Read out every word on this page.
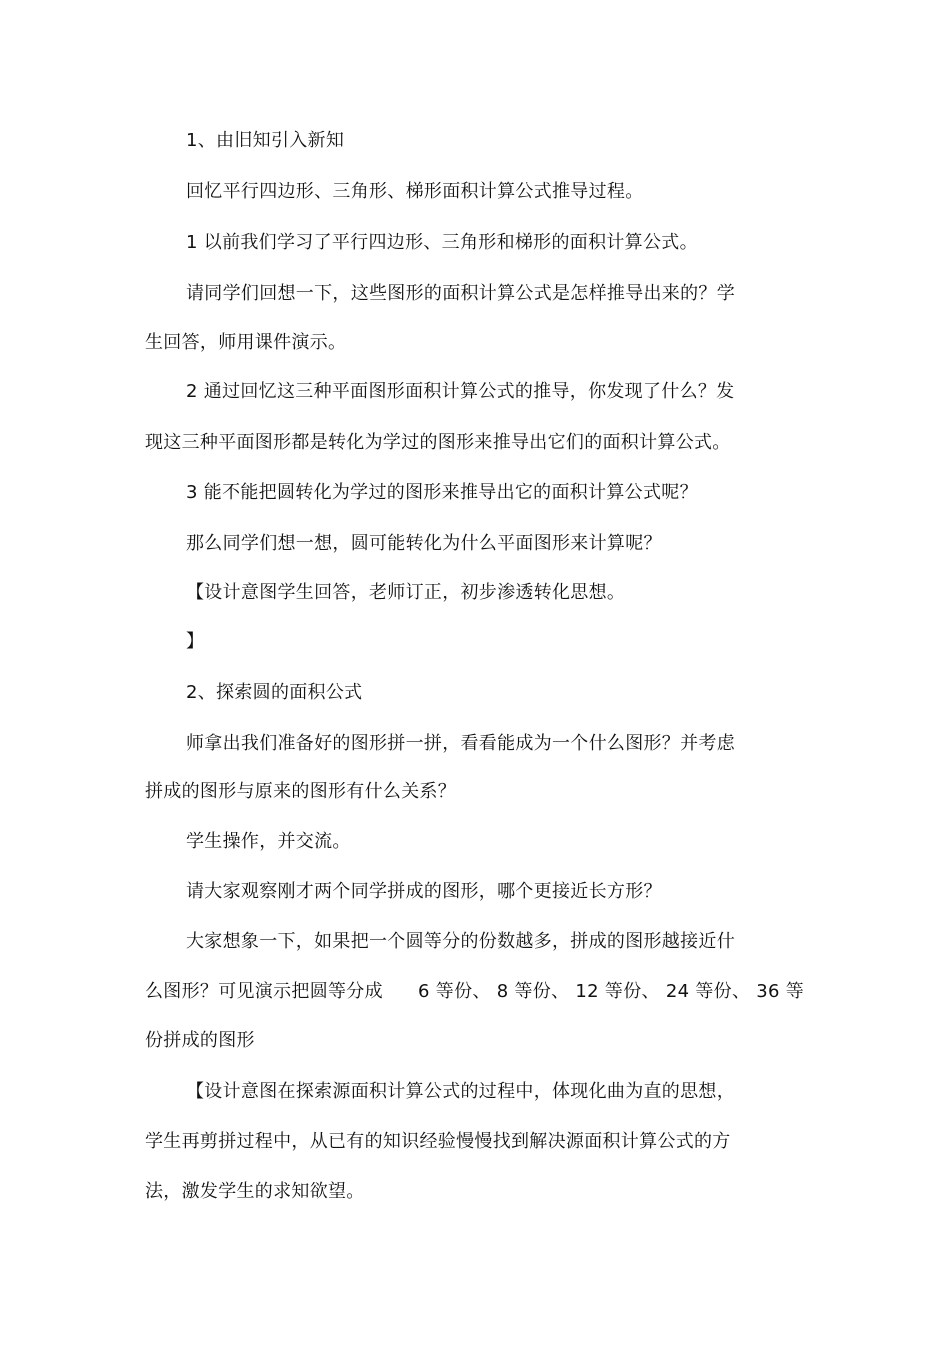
1、由旧知引入新知
回忆平行四边形、三角形、梯形面积计算公式推导过程。
1 以前我们学习了平行四边形、三角形和梯形的面积计算公式。
请同学们回想一下，这些图形的面积计算公式是怎样推导出来的？学
生回答，师用课件演示。
2 通过回忆这三种平面图形面积计算公式的推导，你发现了什么？发
现这三种平面图形都是转化为学过的图形来推导出它们的面积计算公式。
3 能不能把圆转化为学过的图形来推导出它的面积计算公式呢？
那么同学们想一想，圆可能转化为什么平面图形来计算呢？
【设计意图学生回答，老师订正，初步渗透转化思想。
】
2、探索圆的面积公式
师拿出我们准备好的图形拼一拼，看看能成为一个什么图形？并考虑
拼成的图形与原来的图形有什么关系？
学生操作，并交流。
请大家观察刚才两个同学拼成的图形，哪个更接近长方形？
大家想象一下，如果把一个圆等分的份数越多，拼成的图形越接近什
么图形？可见演示把圆等分成 6 等份、 8 等份、 12 等份、 24 等份、 36 等
份拼成的图形
【设计意图在探索源面积计算公式的过程中，体现化曲为直的思想，
学生再剪拼过程中，从已有的知识经验慢慢找到解决源面积计算公式的方
法，激发学生的求知欲望。
